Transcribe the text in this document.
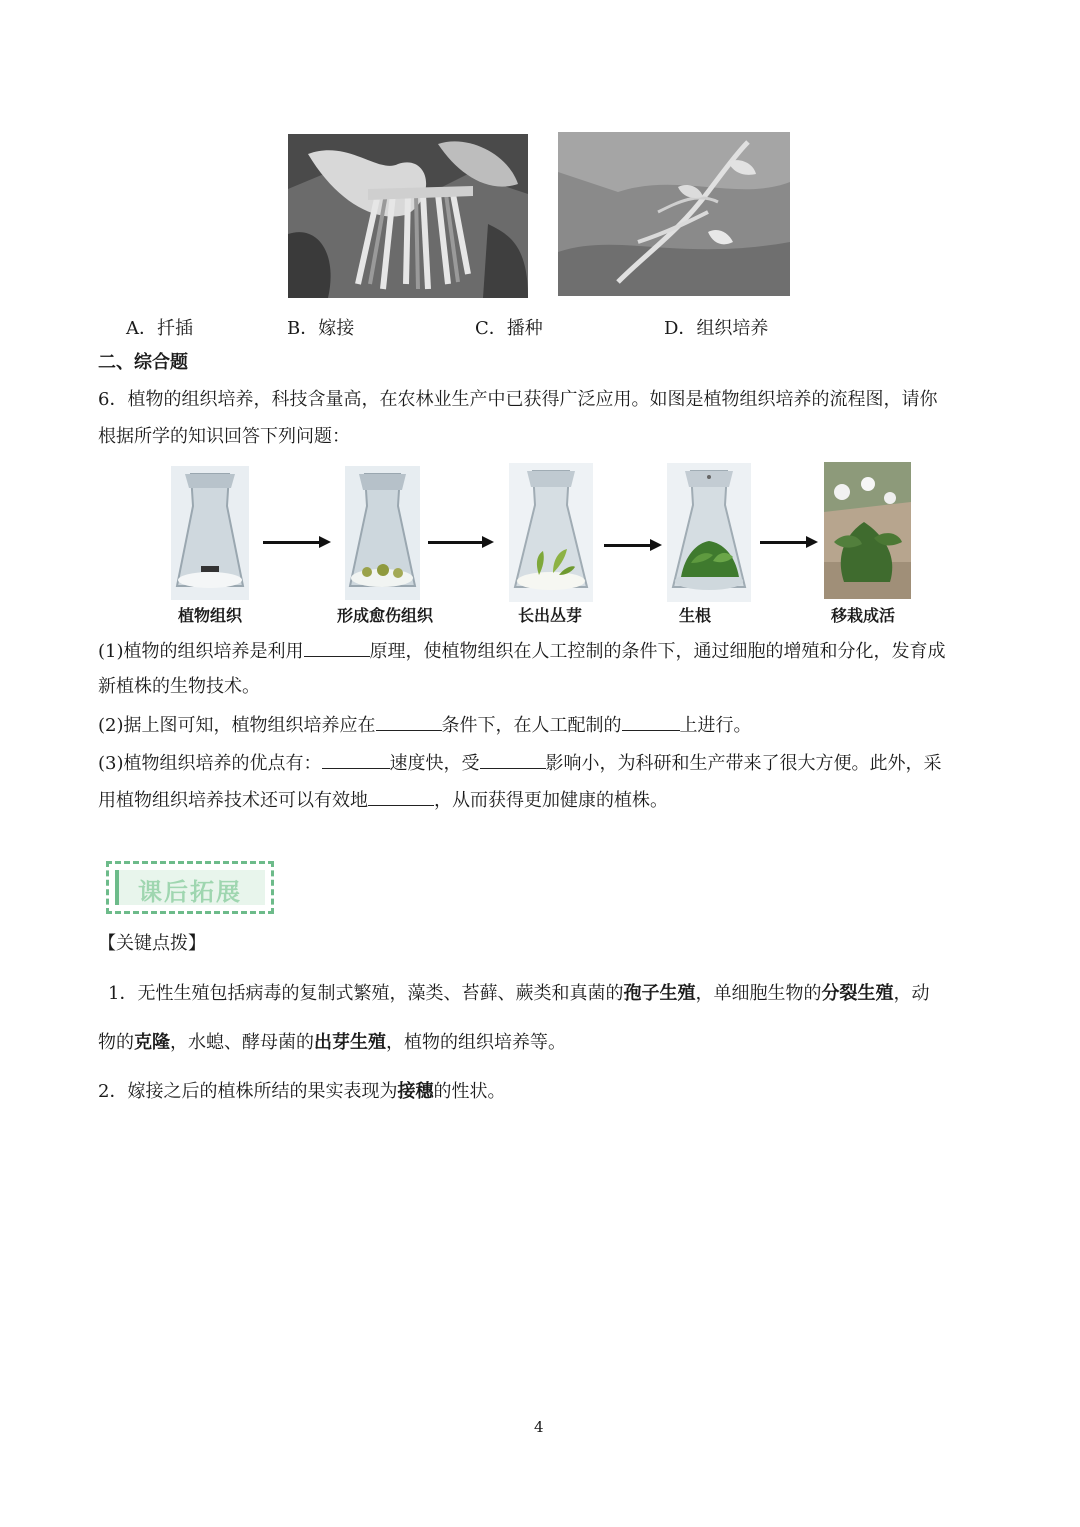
A．扦插	B．嫁接	C．播种	D．组织培养
二、综合题
6．植物的组织培养，科技含量高，在农林业生产中已获得广泛应用。如图是植物组织培养的流程图，请你
根据所学的知识回答下列问题：
植物组织	形成愈伤组织	长出丛芽	生根	移栽成活
(1)植物的组织培养是利用	原理，使植物组织在人工控制的条件下，通过细胞的增殖和分化，发育成
新植株的生物技术。
(2)据上图可知，植物组织培养应在	条件下，在人工配制的	上进行。
(3)植物组织培养的优点有：	速度快，受	影响小，为科研和生产带来了很大方便。此外，采
用植物组织培养技术还可以有效地	，从而获得更加健康的植株。
课后拓展
【关键点拨】
1．无性生殖包括病毒的复制式繁殖，藻类、苔藓、蕨类和真菌的孢子生殖，单细胞生物的分裂生殖，动
物的克隆，水螅、酵母菌的出芽生殖，植物的组织培养等。
2．嫁接之后的植株所结的果实表现为接穗的性状。
4
